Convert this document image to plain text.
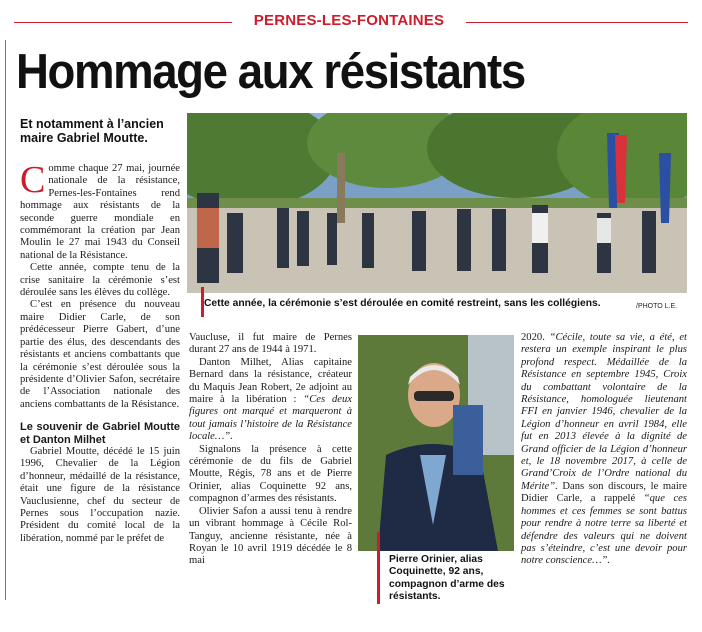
PERNES-LES-FONTAINES
Hommage aux résistants
Et notamment à l’ancien maire Gabriel Moutte.

Comme chaque 27 mai, journée nationale de la résistance, Pernes-les-Fontaines rend hommage aux résistants de la seconde guerre mondiale en commémorant la création par Jean Moulin le 27 mai 1943 du Conseil national de la Résistance.

Cette année, compte tenu de la crise sanitaire la cérémonie s’est déroulée sans les élèves du collège.

C’est en présence du nouveau maire Didier Carle, de son prédécesseur Pierre Gabert, d’une partie des élus, des descendants des résistants et anciens combattants que la cérémonie s’est déroulée sous la présidente d’Olivier Safon, secrétaire de l’Association nationale des anciens combattants de la Résistance.

Le souvenir de Gabriel Moutte et Danton Milhet

Gabriel Moutte, décédé le 15 juin 1996, Chevalier de la Légion d’honneur, médaillé de la résistance, était une figure de la résistance Vauclusienne, chef du secteur de Pernes sous l’occupation nazie. Président du comité local de la libération, nommé par le préfet de

Cette année, la cérémonie s’est déroulée en comité restreint, sans les collégiens.	/PHOTO L.E.

Vaucluse, il fut maire de Pernes durant 27 ans de 1944 à 1971.

Danton Milhet, Alias capitaine Bernard dans la résistance, créateur du Maquis Jean Robert, 2e adjoint au maire à la libération : “Ces deux figures ont marqué et marqueront à tout jamais l’histoire de la Résistance locale…”.

Signalons la présence à cette cérémonie de du fils de Gabriel Moutte, Régis, 78 ans et de Pierre Orinier, alias Coquinette 92 ans, compagnon d’armes des résistants.

Olivier Safon a aussi tenu à rendre un vibrant hommage à Cécile Rol-Tanguy, ancienne résistante, née à Royan le 10 avril 1919 décédée le 8 mai	Pierre Orinier, alias Coquinette, 92 ans, compagnon d’arme des résistants.

2020. “Cécile, toute sa vie, a été, et restera un exemple inspirant le plus profond respect. Médaillée de la Résistance en septembre 1945, Croix du combattant volontaire de la Résistance, homologuée lieutenant FFI en janvier 1946, chevalier de la Légion d’honneur en avril 1984, elle fut en 2013 élevée à la dignité de Grand officier de la Légion d’honneur et, le 18 novembre 2017, à celle de Grand’Croix de l’Ordre national du Mérite”. Dans son discours, le maire Didier Carle, a rappelé “que ces hommes et ces femmes se sont battus pour rendre à notre terre sa liberté et défendre des valeurs qui ne doivent pas s’éteindre, c’est une devoir pour notre conscience…”.
